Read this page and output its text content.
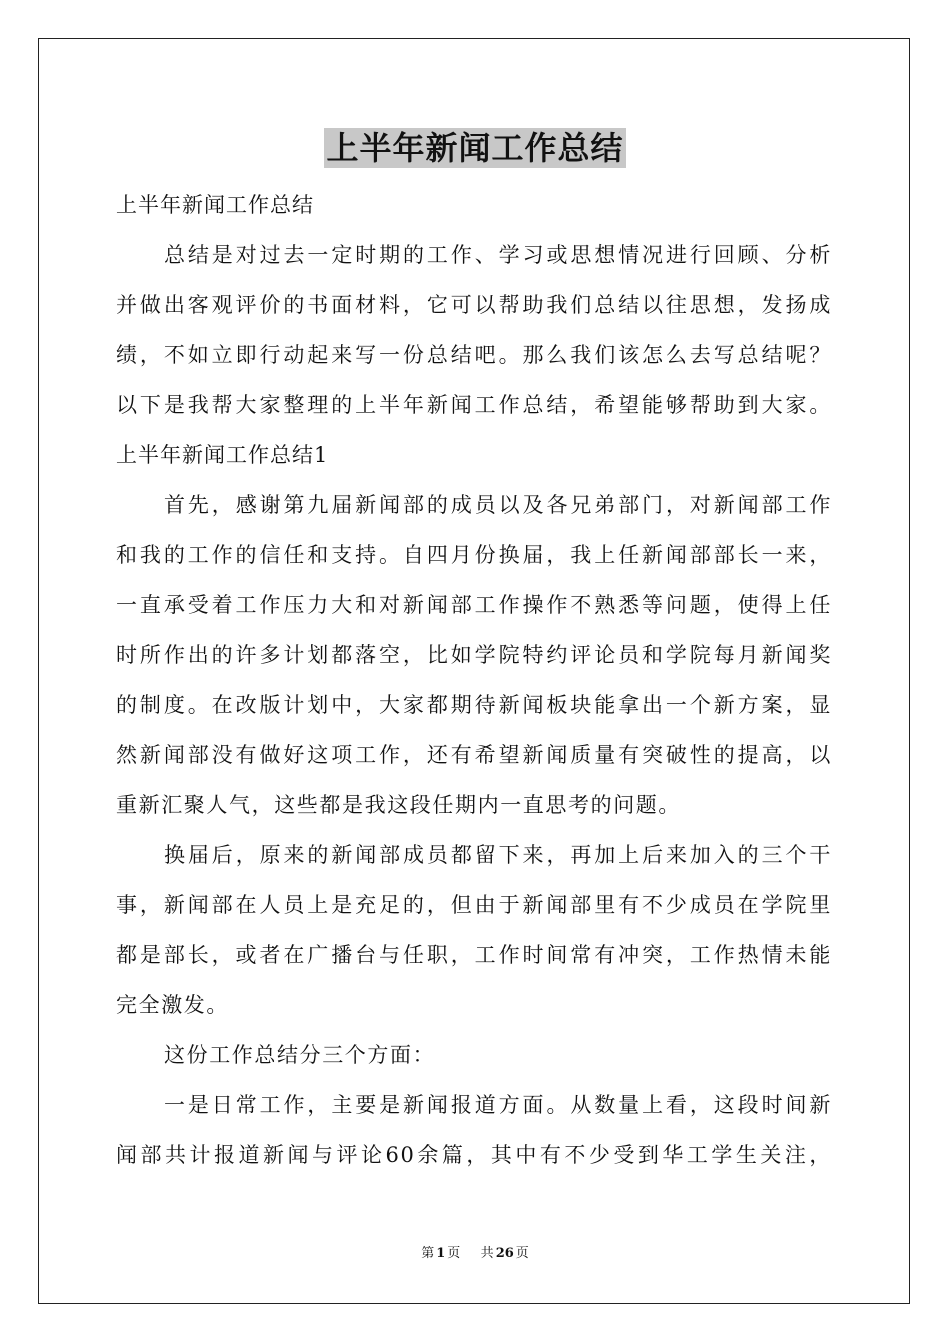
上半年新闻工作总结

上半年新闻工作总结

总结是对过去一定时期的工作、学习或思想情况进行回顾、分析

并做出客观评价的书面材料，它可以帮助我们总结以往思想，发扬成

绩，不如立即行动起来写一份总结吧。那么我们该怎么去写总结呢？

以下是我帮大家整理的上半年新闻工作总结，希望能够帮助到大家。

上半年新闻工作总结1

首先，感谢第九届新闻部的成员以及各兄弟部门，对新闻部工作

和我的工作的信任和支持。自四月份换届，我上任新闻部部长一来，

一直承受着工作压力大和对新闻部工作操作不熟悉等问题，使得上任

时所作出的许多计划都落空，比如学院特约评论员和学院每月新闻奖

的制度。在改版计划中，大家都期待新闻板块能拿出一个新方案，显

然新闻部没有做好这项工作，还有希望新闻质量有突破性的提高，以

重新汇聚人气，这些都是我这段任期内一直思考的问题。

换届后，原来的新闻部成员都留下来，再加上后来加入的三个干

事，新闻部在人员上是充足的，但由于新闻部里有不少成员在学院里

都是部长，或者在广播台与任职，工作时间常有冲突，工作热情未能

完全激发。

这份工作总结分三个方面：

一是日常工作，主要是新闻报道方面。从数量上看，这段时间新

闻部共计报道新闻与评论60余篇，其中有不少受到华工学生关注，

第 1 页 共 26 页
